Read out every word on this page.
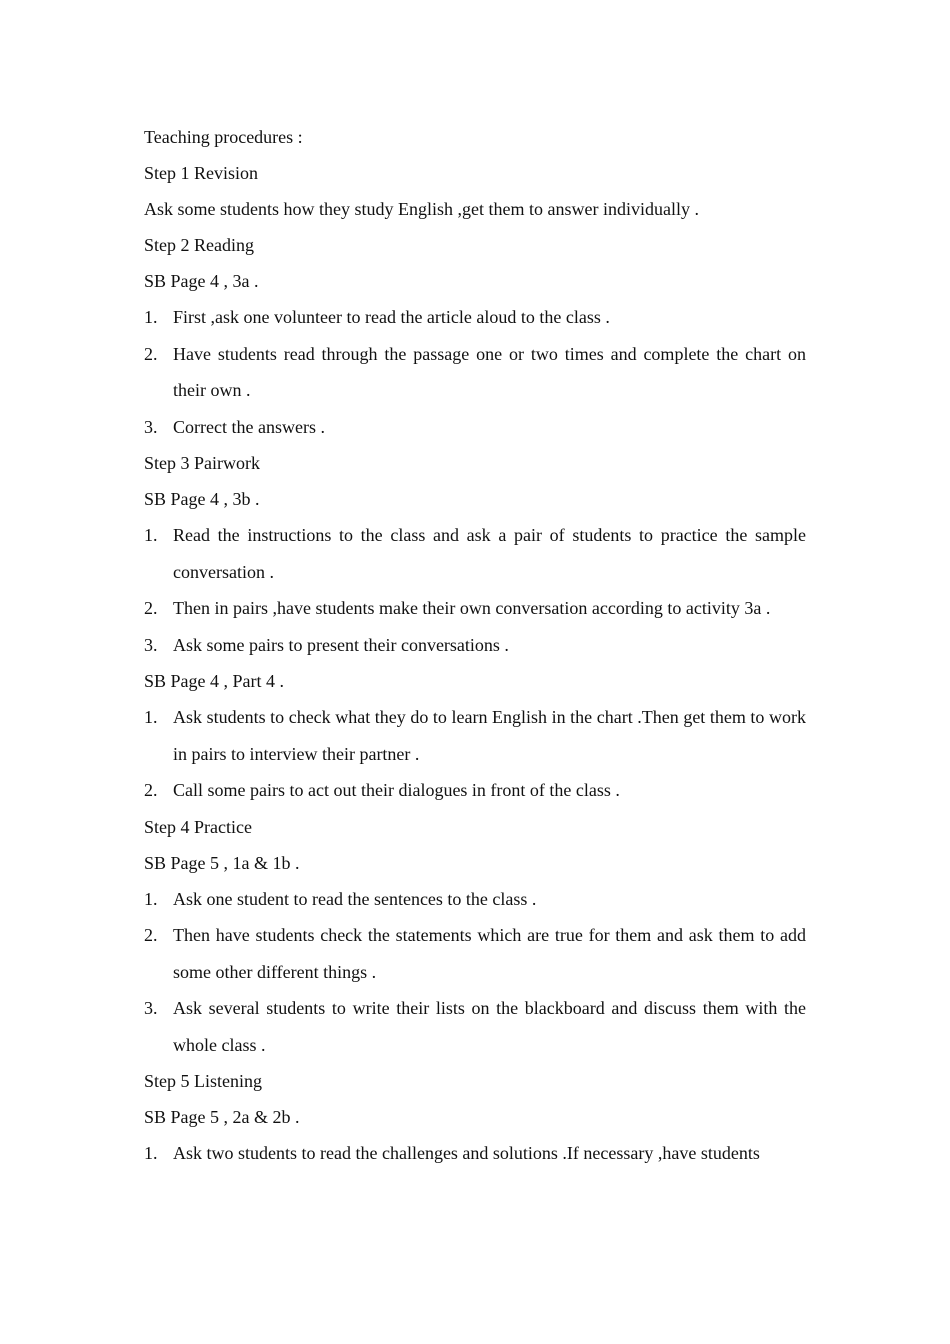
Teaching procedures :
Step 1 Revision
Ask some students how they study English ,get them to answer individually .
Step 2 Reading
SB Page 4 , 3a .
1. First ,ask one volunteer to read the article aloud to the class .
2. Have students read through the passage one or two times and complete the chart on their own .
3. Correct the answers .
Step 3 Pairwork
SB Page 4 , 3b .
1. Read the instructions to the class and ask a pair of students to practice the sample conversation .
2. Then in pairs ,have students make their own conversation according to activity 3a .
3. Ask some pairs to present their conversations .
SB Page 4 , Part 4 .
1. Ask students to check what they do to learn English in the chart .Then get them to work in pairs to interview their partner .
2. Call some pairs to act out their dialogues in front of the class .
Step 4 Practice
SB Page 5 , 1a & 1b .
1. Ask one student to read the sentences to the class .
2. Then have students check the statements which are true for them and ask them to add some other different things .
3. Ask several students to write their lists on the blackboard and discuss them with the whole class .
Step 5 Listening
SB Page 5 , 2a & 2b .
1. Ask two students to read the challenges and solutions .If necessary ,have students
